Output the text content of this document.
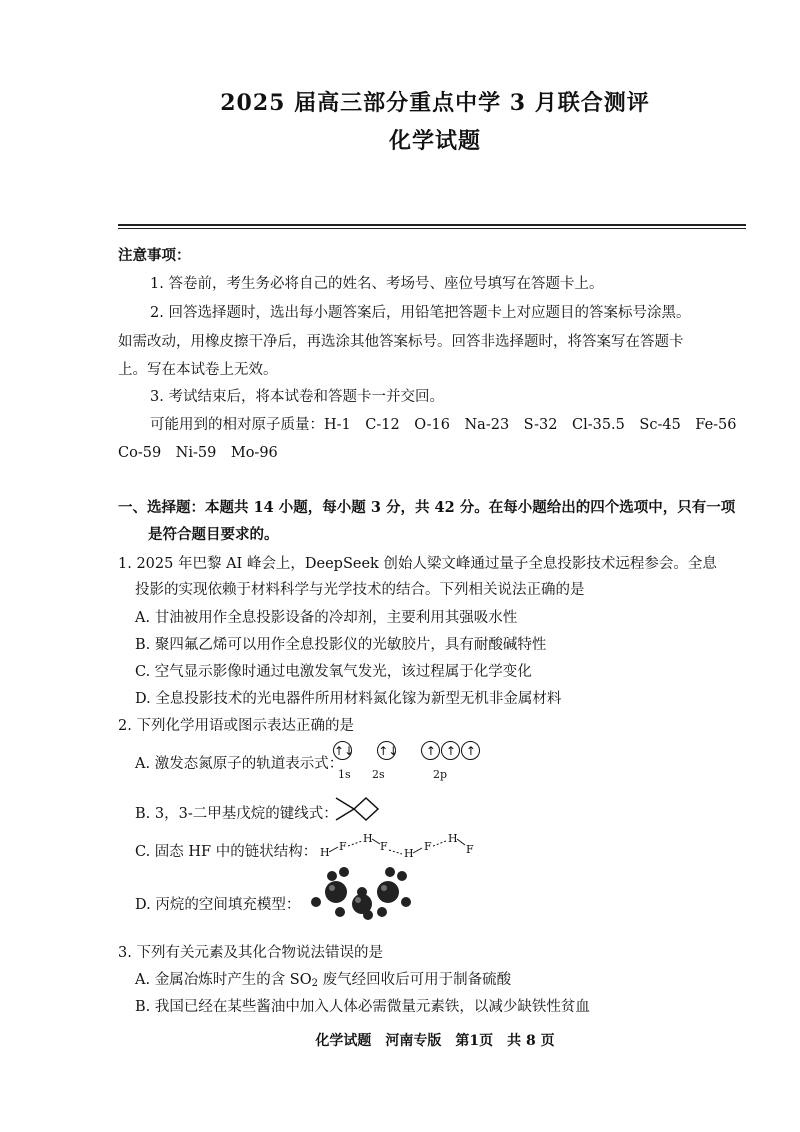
2025 届高三部分重点中学 3 月联合测评
化学试题
注意事项：
1. 答卷前，考生务必将自己的姓名、考场号、座位号填写在答题卡上。
2. 回答选择题时，选出每小题答案后，用铅笔把答题卡上对应题目的答案标号涂黑。
如需改动，用橡皮擦干净后，再选涂其他答案标号。回答非选择题时，将答案写在答题卡
上。写在本试卷上无效。
3. 考试结束后，将本试卷和答题卡一并交回。
可能用到的相对原子质量：H-1　C-12　O-16　Na-23　S-32　Cl-35.5　Sc-45　Fe-56
Co-59　Ni-59　Mo-96
一、选择题：本题共 14 小题，每小题 3 分，共 42 分。在每小题给出的四个选项中，只有一项
是符合题目要求的。
1. 2025 年巴黎 AI 峰会上，DeepSeek 创始人梁文峰通过量子全息投影技术远程参会。全息
投影的实现依赖于材料科学与光学技术的结合。下列相关说法正确的是
A. 甘油被用作全息投影设备的冷却剂，主要利用其强吸水性
B. 聚四氟乙烯可以用作全息投影仪的光敏胶片，具有耐酸碱特性
C. 空气显示影像时通过电激发氧气发光，该过程属于化学变化
D. 全息投影技术的光电器件所用材料氮化镓为新型无机非金属材料
2. 下列化学用语或图示表达正确的是
A. 激发态氮原子的轨道表示式：
↑↓ ↑↓ ↑ ↑ ↑
1s 2s	2p
B. 3，3-二甲基戊烷的键线式：
C. 固态 HF 中的链状结构： H F
H
F
H
F
H
F
D. 丙烷的空间填充模型：
3. 下列有关元素及其化合物说法错误的是
A. 金属冶炼时产生的含 $SO_2$ 废气经回收后可用于制备硫酸
B. 我国已经在某些酱油中加入人体必需微量元素铁，以减少缺铁性贫血
化学试题　河南专版　第1页　共 8 页
